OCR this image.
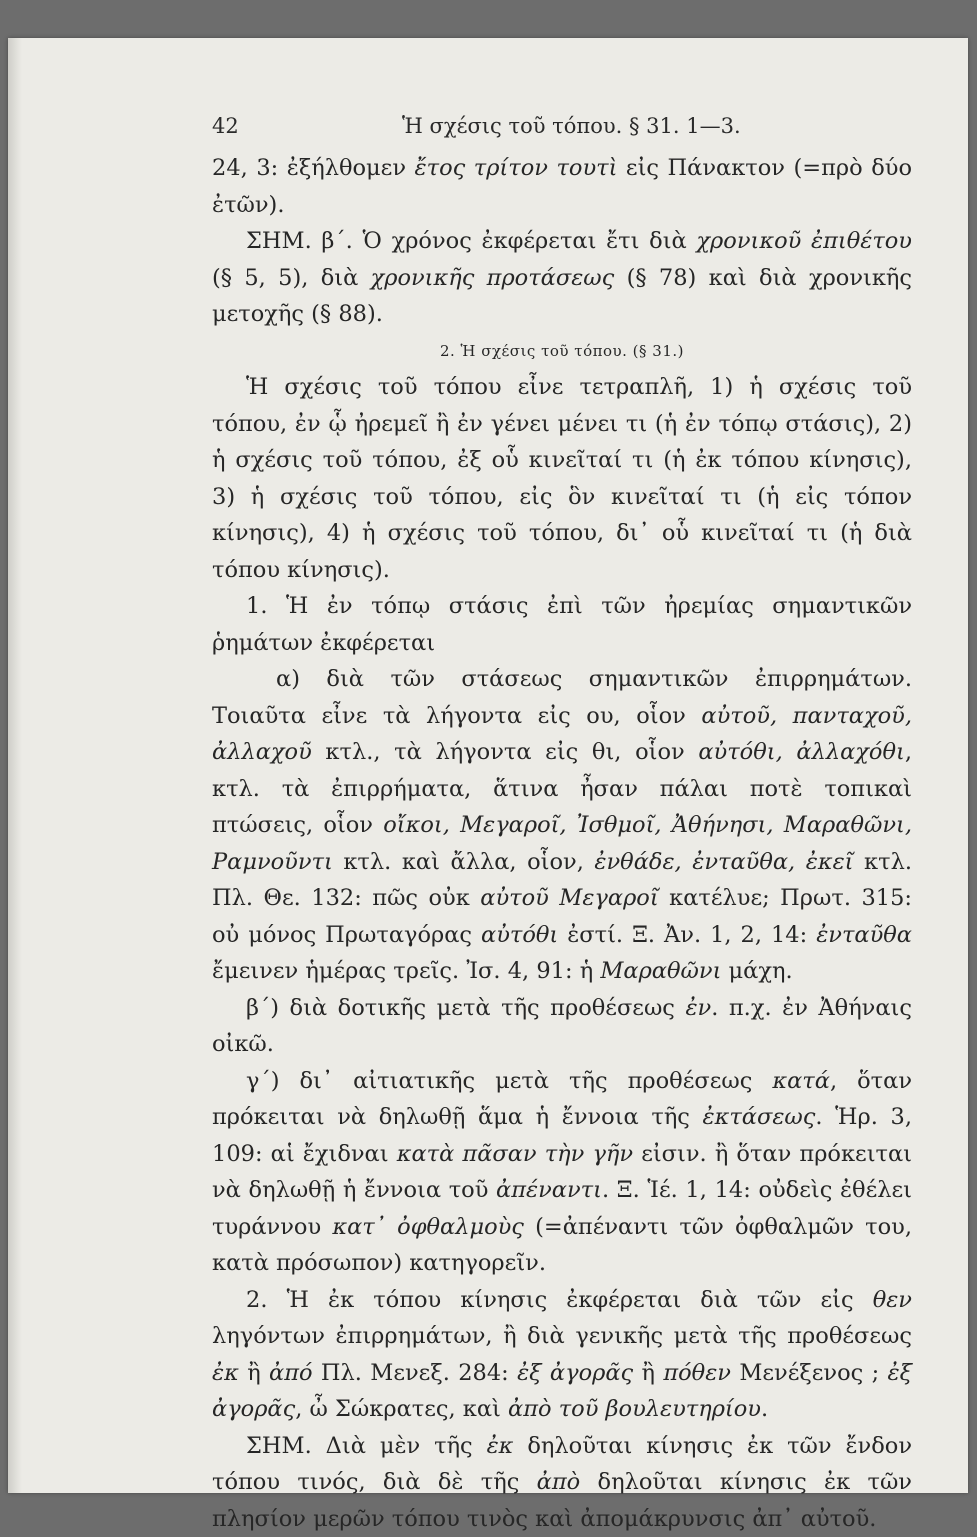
42	Ἡ σχέσις τοῦ τόπου. § 31. 1—3.

24, 3: ἐξήλθομεν ἔτος τρίτον τουτὶ εἰς Πάνακτον (=πρὸ δύο ἐτῶν).

ΣΗΜ. β΄. Ὁ χρόνος ἐκφέρεται ἔτι διὰ χρονικοῦ ἐπιθέτου (§ 5, 5), διὰ χρονικῆς προτάσεως (§ 78) καὶ διὰ χρονικῆς μετοχῆς (§ 88).

2. Ἡ σχέσις τοῦ τόπου. (§ 31.)

Ἡ σχέσις τοῦ τόπου εἶνε τετραπλῆ, 1) ἡ σχέσις τοῦ τόπου, ἐν ᾧ ἠρεμεῖ ἢ ἐν γένει μένει τι (ἡ ἐν τόπῳ στάσις), 2) ἡ σχέσις τοῦ τόπου, ἐξ οὗ κινεῖταί τι (ἡ ἐκ τόπου κίνησις), 3) ἡ σχέσις τοῦ τόπου, εἰς ὃν κινεῖταί τι (ἡ εἰς τόπον κίνησις), 4) ἡ σχέσις τοῦ τόπου, δι᾽ οὗ κινεῖταί τι (ἡ διὰ τόπου κίνησις).

1. Ἡ ἐν τόπῳ στάσις ἐπὶ τῶν ἠρεμίας σημαντικῶν ῥημάτων ἐκφέρεται

α) διὰ τῶν στάσεως σημαντικῶν ἐπιρρημάτων. Τοιαῦτα εἶνε τὰ λήγοντα εἰς ου, οἷον αὐτοῦ, πανταχοῦ, ἀλλαχοῦ κτλ., τὰ λήγοντα εἰς θι, οἷον αὐτόθι, ἀλλαχόθι, κτλ. τὰ ἐπιρρήματα, ἅτινα ἦσαν πάλαι ποτὲ τοπικαὶ πτώσεις, οἷον οἴκοι, Μεγαροῖ, Ἰσθμοῖ, Ἀθήνησι, Μαραθῶνι, Ραμνοῦντι κτλ. καὶ ἄλλα, οἷον, ἐνθάδε, ἐνταῦθα, ἐκεῖ κτλ. Πλ. Θε. 132: πῶς οὐκ αὐτοῦ Μεγαροῖ κατέλυε; Πρωτ. 315: οὐ μόνος Πρωταγόρας αὐτόθι ἐστί. Ξ. Ἀν. 1, 2, 14: ἐνταῦθα ἔμεινεν ἡμέρας τρεῖς. Ἰσ. 4, 91: ἡ Μαραθῶνι μάχη.

β΄) διὰ δοτικῆς μετὰ τῆς προθέσεως ἐν. π.χ. ἐν Ἀθήναις οἰκῶ.

γ΄) δι᾽ αἰτιατικῆς μετὰ τῆς προθέσεως κατά, ὅταν πρόκειται νὰ δηλωθῇ ἅμα ἡ ἔννοια τῆς ἐκτάσεως. Ἡρ. 3, 109: αἱ ἔχιδναι κατὰ πᾶσαν τὴν γῆν εἰσιν. ἢ ὅταν πρόκειται νὰ δηλωθῇ ἡ ἔννοια τοῦ ἀπέναντι. Ξ. Ἱέ. 1, 14: οὐδεὶς ἐθέλει τυράννου κατ᾽ ὀφθαλμοὺς (=ἀπέναντι τῶν ὀφθαλμῶν του, κατὰ πρόσωπον) κατηγορεῖν.

2. Ἡ ἐκ τόπου κίνησις ἐκφέρεται διὰ τῶν εἰς θεν ληγόντων ἐπιρρημάτων, ἢ διὰ γενικῆς μετὰ τῆς προθέσεως ἐκ ἢ ἀπό Πλ. Μενεξ. 284: ἐξ ἀγορᾶς ἢ πόθεν Μενέξενος ; ἐξ ἀγορᾶς, ὦ Σώκρατες, καὶ ἀπὸ τοῦ βουλευτηρίου.

ΣΗΜ. Διὰ μὲν τῆς ἐκ δηλοῦται κίνησις ἐκ τῶν ἔνδον τόπου τινός, διὰ δὲ τῆς ἀπὸ δηλοῦται κίνησις ἐκ τῶν πλησίον μερῶν τόπου τινὸς καὶ ἀπομάκρυνσις ἀπ᾽ αὐτοῦ.
